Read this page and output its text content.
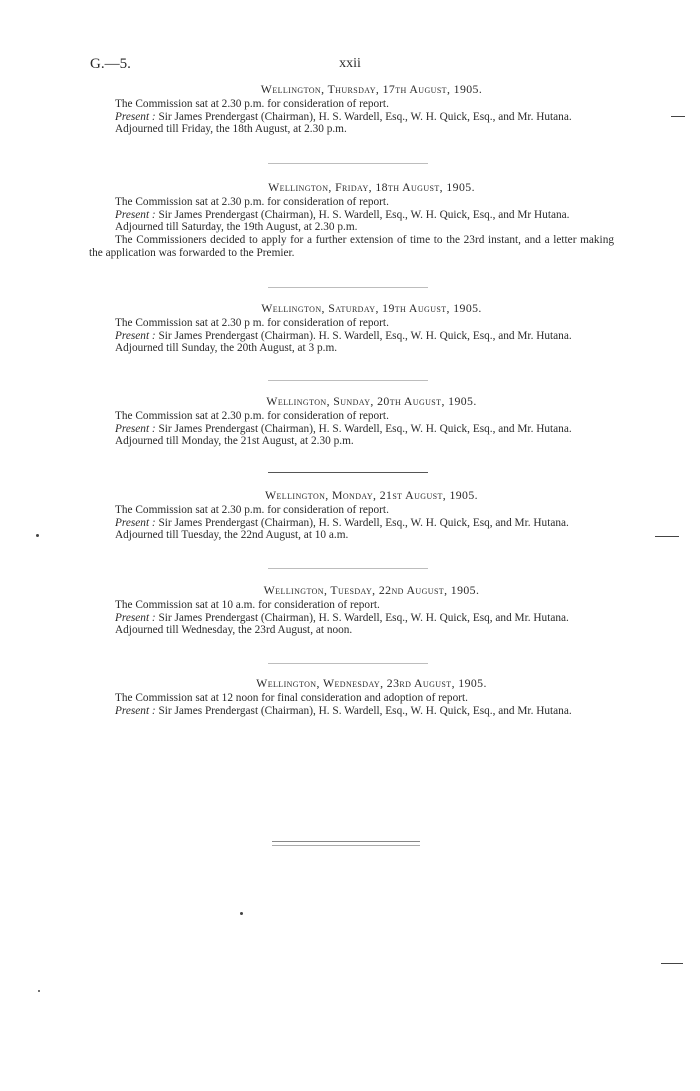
G.—5.	xxii
Wellington, Thursday, 17th August, 1905.

The Commission sat at 2.30 p.m. for consideration of report.

Present : Sir James Prendergast (Chairman), H. S. Wardell, Esq., W. H. Quick, Esq., and Mr. Hutana.

Adjourned till Friday, the 18th August, at 2.30 p.m.

Wellington, Friday, 18th August, 1905.

The Commission sat at 2.30 p.m. for consideration of report.

Present : Sir James Prendergast (Chairman), H. S. Wardell, Esq., W. H. Quick, Esq., and Mr Hutana.

Adjourned till Saturday, the 19th August, at 2.30 p.m.

The Commissioners decided to apply for a further extension of time to the 23rd instant, and a letter making the application was forwarded to the Premier.

Wellington, Saturday, 19th August, 1905.

The Commission sat at 2.30 p m. for consideration of report.

Present : Sir James Prendergast (Chairman). H. S. Wardell, Esq., W. H. Quick, Esq., and Mr. Hutana.

Adjourned till Sunday, the 20th August, at 3 p.m.

Wellington, Sunday, 20th August, 1905.

The Commission sat at 2.30 p.m. for consideration of report.

Present : Sir James Prendergast (Chairman), H. S. Wardell, Esq., W. H. Quick, Esq., and Mr. Hutana.

Adjourned till Monday, the 21st August, at 2.30 p.m.

Wellington, Monday, 21st August, 1905.

The Commission sat at 2.30 p.m. for consideration of report.

Present : Sir James Prendergast (Chairman), H. S. Wardell, Esq., W. H. Quick, Esq, and Mr. Hutana.

Adjourned till Tuesday, the 22nd August, at 10 a.m.

Wellington, Tuesday, 22nd August, 1905.

The Commission sat at 10 a.m. for consideration of report.

Present : Sir James Prendergast (Chairman), H. S. Wardell, Esq., W. H. Quick, Esq, and Mr. Hutana.

Adjourned till Wednesday, the 23rd August, at noon.

Wellington, Wednesday, 23rd August, 1905.

The Commission sat at 12 noon for final consideration and adoption of report.

Present : Sir James Prendergast (Chairman), H. S. Wardell, Esq., W. H. Quick, Esq., and Mr. Hutana.
